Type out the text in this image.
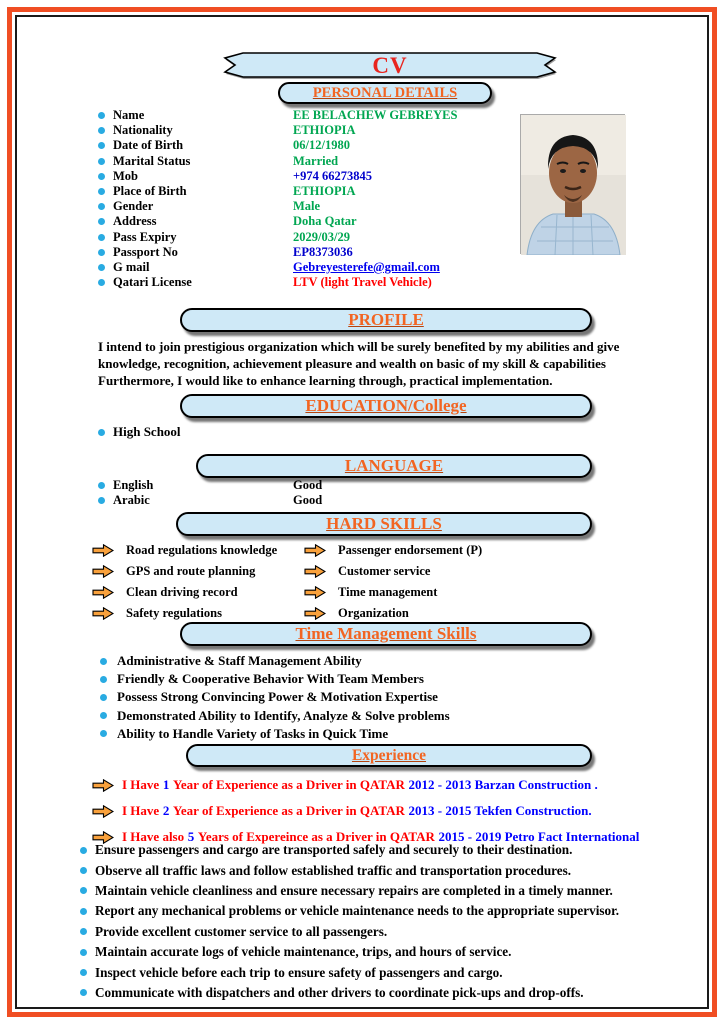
CV
PERSONAL DETAILS
Name	EE BELACHEW GEBREYES
Nationality	ETHIOPIA
Date of Birth	06/12/1980
Marital Status	Married
Mob	+974 66273845
Place of Birth	ETHIOPIA
Gender	Male
Address	Doha Qatar
Pass Expiry	2029/03/29
Passport No	EP8373036
G mail	Gebreyesterefe@gmail.com
Qatari License	LTV (light Travel Vehicle)
PROFILE
I intend to join prestigious organization which will be surely benefited by my abilities and give
knowledge, recognition, achievement pleasure and wealth on basic of my skill & capabilities
Furthermore, I would like to enhance learning through, practical implementation.
EDUCATION/College
High School
LANGUAGE
English	Good
Arabic	Good
HARD SKILLS
Road regulations knowledge	Passenger endorsement (P)
GPS and route planning	Customer service
Clean driving record	Time management
Safety regulations	Organization
Time Management Skills
Administrative & Staff Management Ability
Friendly & Cooperative Behavior With Team Members
Possess Strong Convincing Power & Motivation Expertise
Demonstrated Ability to Identify, Analyze & Solve problems
Ability to Handle Variety of Tasks in Quick Time
Experience
I Have 1 Year of Experience as a Driver in QATAR 2012 - 2013 Barzan Construction .
I Have 2 Year of Experience as a Driver in QATAR 2013 - 2015 Tekfen Construction.
I Have also 5 Years of Expereince as a Driver in QATAR 2015 - 2019 Petro Fact International
Ensure passengers and cargo are transported safely and securely to their destination.
Observe all traffic laws and follow established traffic and transportation procedures.
Maintain vehicle cleanliness and ensure necessary repairs are completed in a timely manner.
Report any mechanical problems or vehicle maintenance needs to the appropriate supervisor.
Provide excellent customer service to all passengers.
Maintain accurate logs of vehicle maintenance, trips, and hours of service.
Inspect vehicle before each trip to ensure safety of passengers and cargo.
Communicate with dispatchers and other drivers to coordinate pick-ups and drop-offs.
